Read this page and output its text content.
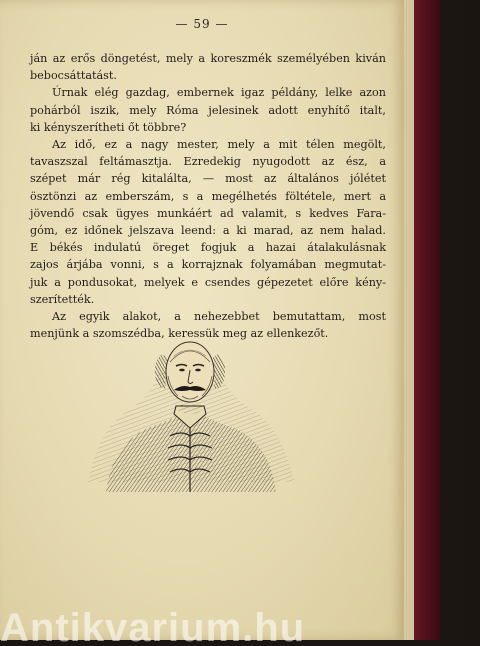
— 59 —
ján az erős döngetést, mely a koreszmék személyében kiván
bebocsáttatást.
Úrnak elég gazdag, embernek igaz példány, lelke azon
pohárból iszik, mely Róma jelesinek adott enyhítő italt,
ki kényszerítheti őt többre?
Az idő, ez a nagy mester, mely a mit télen megölt,
tavaszszal feltámasztja. Ezredekig nyugodott az ész, a
szépet már rég kitalálta, — most az általános jólétet
ösztönzi az emberszám, s a megélhetés föltétele, mert a
jövendő csak ügyes munkáért ad valamit, s kedves Fara-
góm, ez időnek jelszava leend: a ki marad, az nem halad.
E békés indulatú öreget fogjuk a hazai átalakulásnak
zajos árjába vonni, s a korrajznak folyamában megmutat-
juk a pondusokat, melyek e csendes gépezetet előre kény-
szerítették.
Az egyik alakot, a nehezebbet bemutattam, most
menjünk a szomszédba, keressük meg az ellenkezőt.
Antikvarium.hu
